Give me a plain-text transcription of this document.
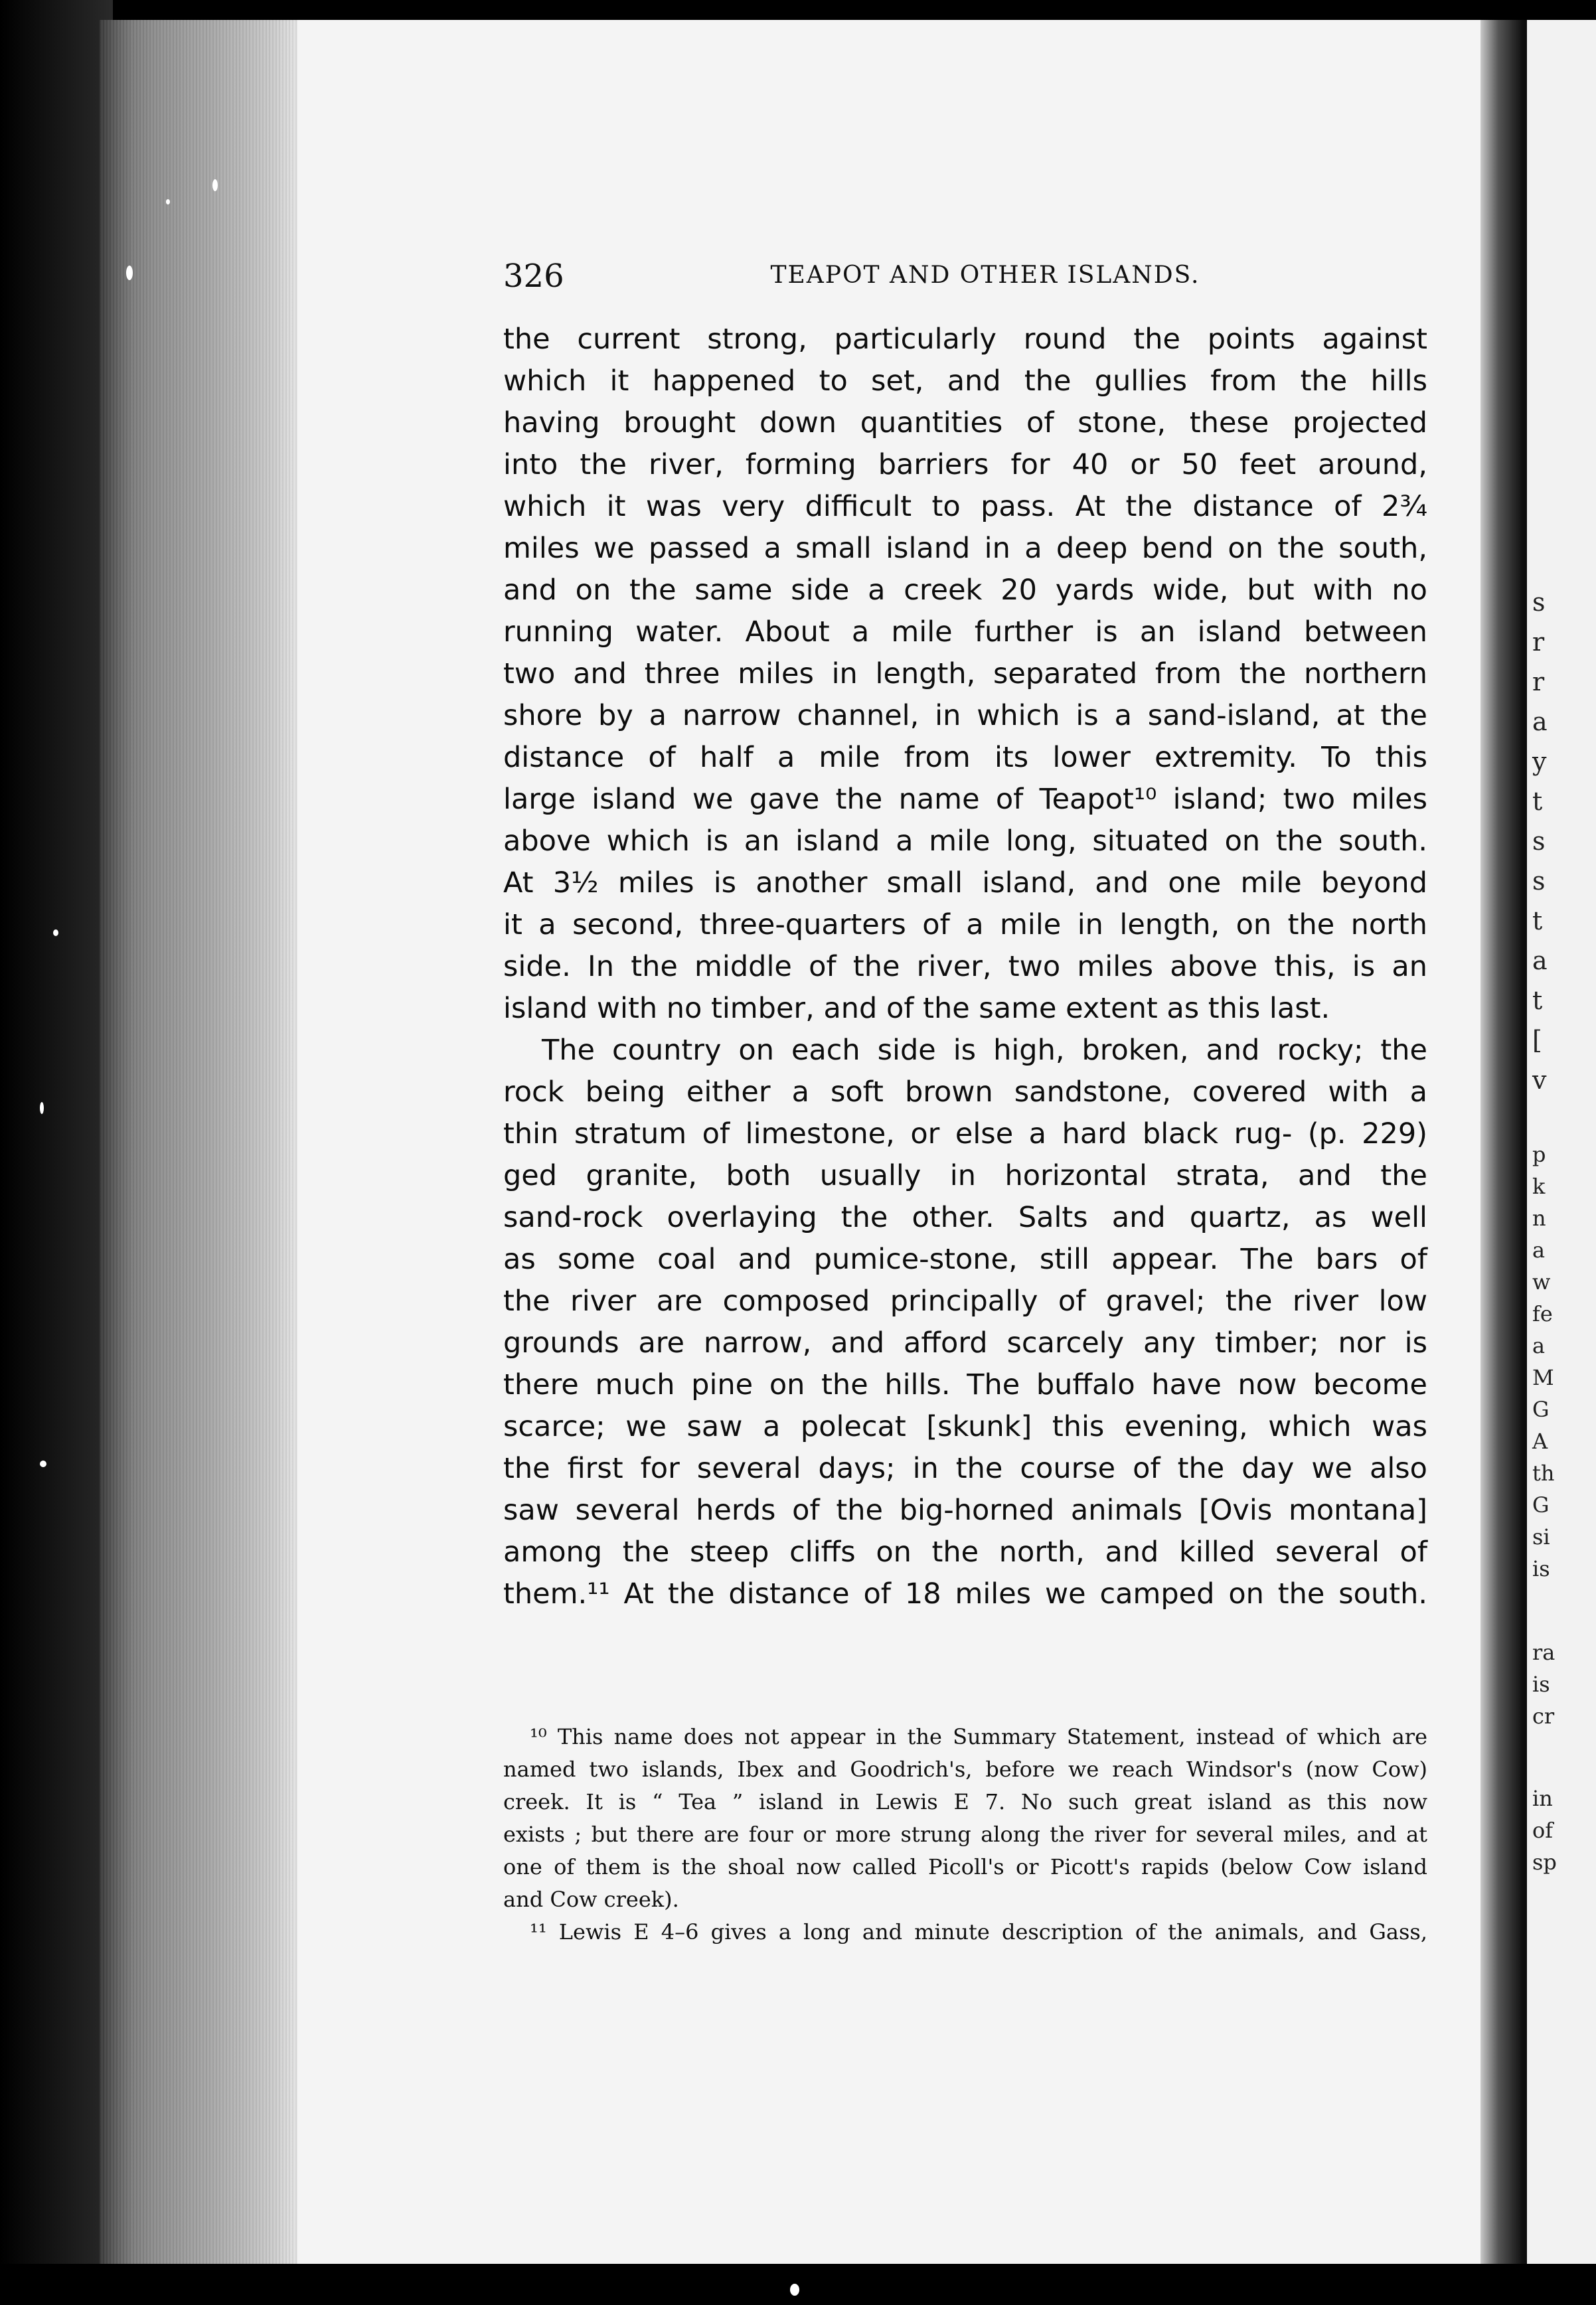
326	TEAPOT AND OTHER ISLANDS.
the current strong, particularly round the points against
which it happened to set, and the gullies from the hills
having brought down quantities of stone, these projected
into the river, forming barriers for 40 or 50 feet around,
which it was very difficult to pass. At the distance of 2¾
miles we passed a small island in a deep bend on the south,
and on the same side a creek 20 yards wide, but with no
running water. About a mile further is an island between
two and three miles in length, separated from the northern
shore by a narrow channel, in which is a sand-island, at the
distance of half a mile from its lower extremity. To this
large island we gave the name of Teapot¹⁰ island; two miles
above which is an island a mile long, situated on the south.
At 3½ miles is another small island, and one mile beyond
it a second, three-quarters of a mile in length, on the north
side. In the middle of the river, two miles above this, is an
island with no timber, and of the same extent as this last.
The country on each side is high, broken, and rocky; the
rock being either a soft brown sandstone, covered with a
thin stratum of limestone, or else a hard black rug- (p. 229)
ged granite, both usually in horizontal strata, and the
sand-rock overlaying the other. Salts and quartz, as well
as some coal and pumice-stone, still appear. The bars of
the river are composed principally of gravel; the river low
grounds are narrow, and afford scarcely any timber; nor is
there much pine on the hills. The buffalo have now become
scarce; we saw a polecat [skunk] this evening, which was
the first for several days; in the course of the day we also
saw several herds of the big-horned animals [Ovis montana]
among the steep cliffs on the north, and killed several of
them.¹¹ At the distance of 18 miles we camped on the south.
¹⁰ This name does not appear in the Summary Statement, instead of which are
named two islands, Ibex and Goodrich's, before we reach Windsor's (now Cow)
creek. It is “ Tea ” island in Lewis E 7. No such great island as this now
exists ; but there are four or more strung along the river for several miles, and at
one of them is the shoal now called Picoll's or Picott's rapids (below Cow island
and Cow creek).
¹¹ Lewis E 4–6 gives a long and minute description of the animals, and Gass,
s
r
r
a
y
t
s
s
t
a
t
[
v
p
k
n
a
w
fe
a
M
G
A
th
G
si
is
ra
is
cr
in
of
sp
